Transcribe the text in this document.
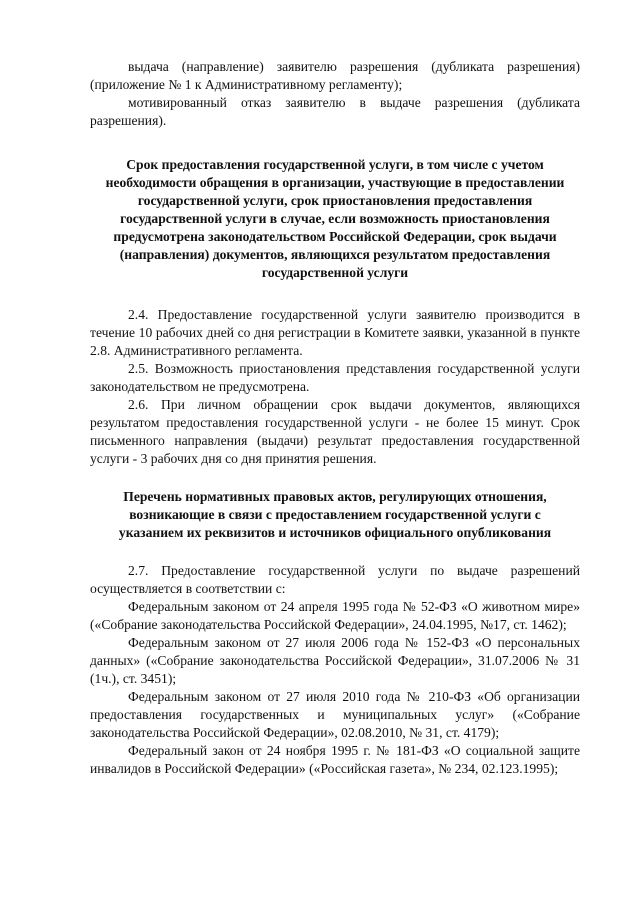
выдача (направление) заявителю разрешения (дубликата разрешения) (приложение № 1 к Административному регламенту);

мотивированный отказ заявителю в выдаче разрешения (дубликата разрешения).

Срок предоставления государственной услуги, в том числе с учетом необходимости обращения в организации, участвующие в предоставлении государственной услуги, срок приостановления предоставления государственной услуги в случае, если возможность приостановления предусмотрена законодательством Российской Федерации, срок выдачи (направления) документов, являющихся результатом предоставления государственной услуги

2.4. Предоставление государственной услуги заявителю производится в течение 10 рабочих дней со дня регистрации в Комитете заявки, указанной в пункте 2.8. Административного регламента.

2.5. Возможность приостановления представления государственной услуги законодательством не предусмотрена.

2.6. При личном обращении срок выдачи документов, являющихся результатом предоставления государственной услуги - не более 15 минут. Срок письменного направления (выдачи) результат предоставления государственной услуги - 3 рабочих дня со дня принятия решения.

Перечень нормативных правовых актов, регулирующих отношения, возникающие в связи с предоставлением государственной услуги с указанием их реквизитов и источников официального опубликования

2.7. Предоставление государственной услуги по выдаче разрешений осуществляется в соответствии с:

Федеральным законом от 24 апреля 1995 года № 52-ФЗ «О животном мире» («Собрание законодательства Российской Федерации», 24.04.1995, №17, ст. 1462);

Федеральным законом от 27 июля 2006 года № 152-ФЗ «О персональных данных» («Собрание законодательства Российской Федерации», 31.07.2006 № 31 (1ч.), ст. 3451);

Федеральным законом от 27 июля 2010 года № 210-ФЗ «Об организации предоставления государственных и муниципальных услуг» («Собрание законодательства Российской Федерации», 02.08.2010, № 31, ст. 4179);

Федеральный закон от 24 ноября 1995 г. № 181-ФЗ «О социальной защите инвалидов в Российской Федерации» («Российская газета», № 234, 02.123.1995);
